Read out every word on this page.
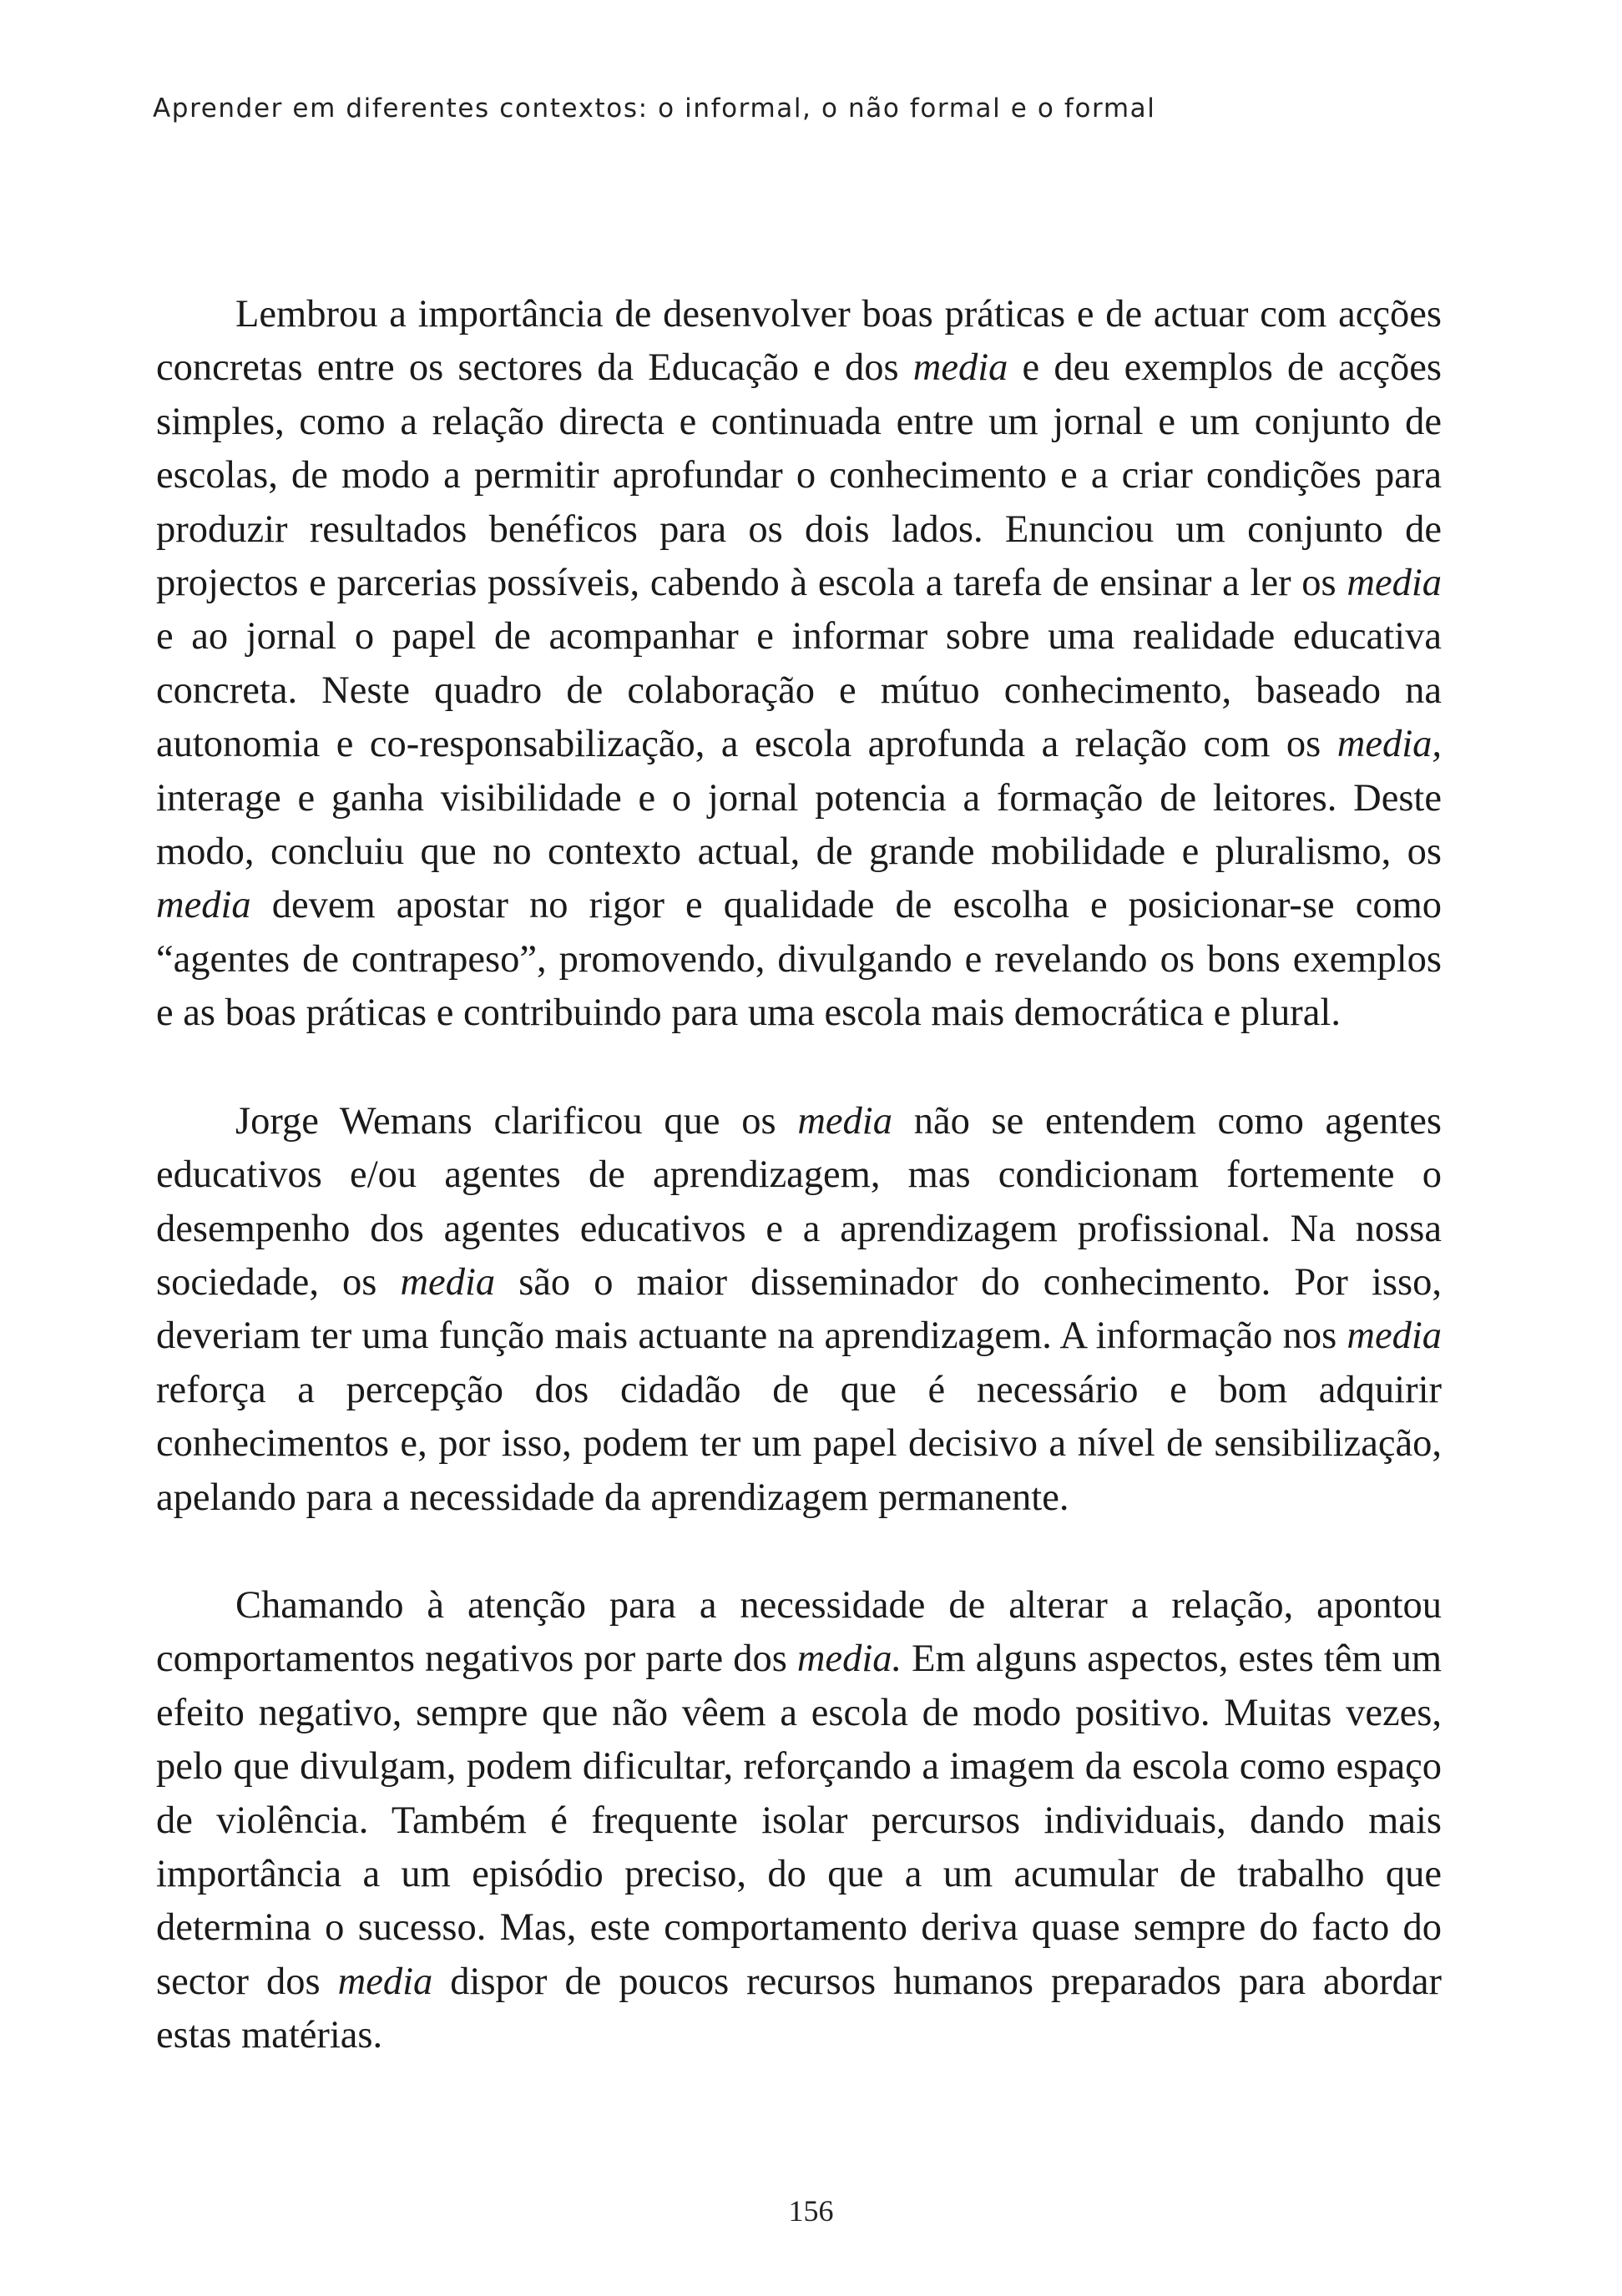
Aprender em diferentes contextos: o informal, o não formal e o formal

Lembrou a importância de desenvolver boas práticas e de actuar com acções concretas entre os sectores da Educação e dos media e deu exemplos de acções simples, como a relação directa e continuada entre um jornal e um conjunto de escolas, de modo a permitir aprofundar o conhecimento e a criar condições para produzir resultados benéficos para os dois lados. Enunciou um conjunto de projectos e parcerias possíveis, cabendo à escola a tarefa de ensinar a ler os media e ao jornal o papel de acompanhar e informar sobre uma realidade educativa concreta. Neste quadro de colaboração e mútuo conhecimento, baseado na autonomia e co-responsabilização, a escola aprofunda a relação com os media, interage e ganha visibilidade e o jornal potencia a formação de leitores. Deste modo, concluiu que no contexto actual, de grande mobilidade e pluralismo, os media devem apostar no rigor e qualidade de escolha e posicionar-se como “agentes de contrapeso”, promovendo, divulgando e revelando os bons exemplos e as boas práticas e contribuindo para uma escola mais democrática e plural.

Jorge Wemans clarificou que os media não se entendem como agentes educativos e/ou agentes de aprendizagem, mas condicionam fortemente o desempenho dos agentes educativos e a aprendizagem profissional. Na nossa sociedade, os media são o maior disseminador do conhecimento. Por isso, deveriam ter uma função mais actuante na aprendizagem. A informação nos media reforça a percepção dos cidadão de que é necessário e bom adquirir conhecimentos e, por isso, podem ter um papel decisivo a nível de sensibilização, apelando para a necessidade da aprendizagem permanente.

Chamando à atenção para a necessidade de alterar a relação, apontou comportamentos negativos por parte dos media. Em alguns aspectos, estes têm um efeito negativo, sempre que não vêem a escola de modo positivo. Muitas vezes, pelo que divulgam, podem dificultar, reforçando a imagem da escola como espaço de violência. Também é frequente isolar percursos individuais, dando mais importância a um episódio preciso, do que a um acumular de trabalho que determina o sucesso. Mas, este comportamento deriva quase sempre do facto do sector dos media dispor de poucos recursos humanos preparados para abordar estas matérias.

156
